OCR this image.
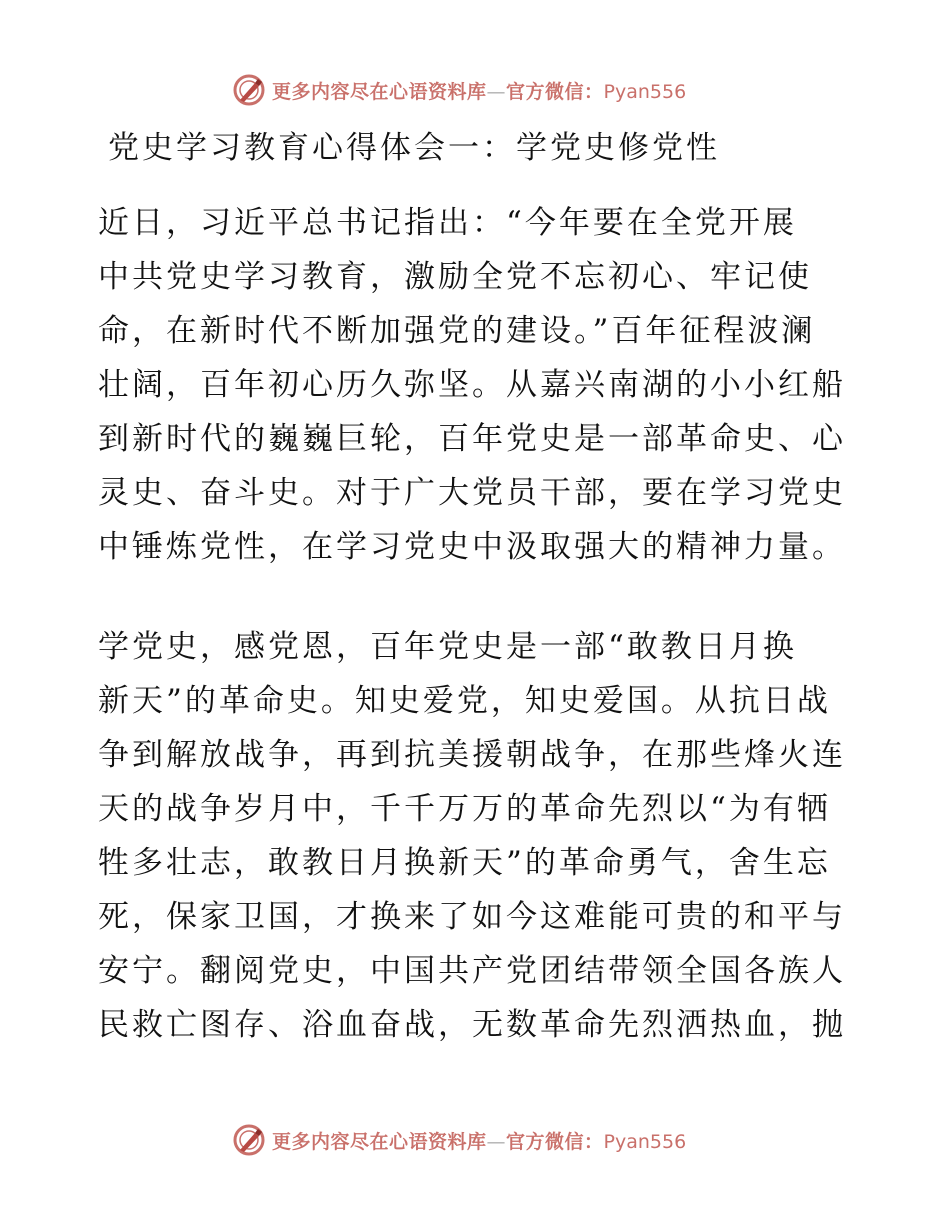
更多内容尽在心语资料库—官方微信：Pyan556
党史学习教育心得体会一：学党史修党性
近日，习近平总书记指出：“今年要在全党开展
中共党史学习教育，激励全党不忘初心、牢记使
命，在新时代不断加强党的建设。”百年征程波澜
壮阔，百年初心历久弥坚。从嘉兴南湖的小小红船
到新时代的巍巍巨轮，百年党史是一部革命史、心
灵史、奋斗史。对于广大党员干部，要在学习党史
中锤炼党性，在学习党史中汲取强大的精神力量。
学党史，感党恩，百年党史是一部“敢教日月换
新天”的革命史。知史爱党，知史爱国。从抗日战
争到解放战争，再到抗美援朝战争，在那些烽火连
天的战争岁月中，千千万万的革命先烈以“为有牺
牲多壮志，敢教日月换新天”的革命勇气，舍生忘
死，保家卫国，才换来了如今这难能可贵的和平与
安宁。翻阅党史，中国共产党团结带领全国各族人
民救亡图存、浴血奋战，无数革命先烈洒热血，抛
更多内容尽在心语资料库—官方微信：Pyan556
